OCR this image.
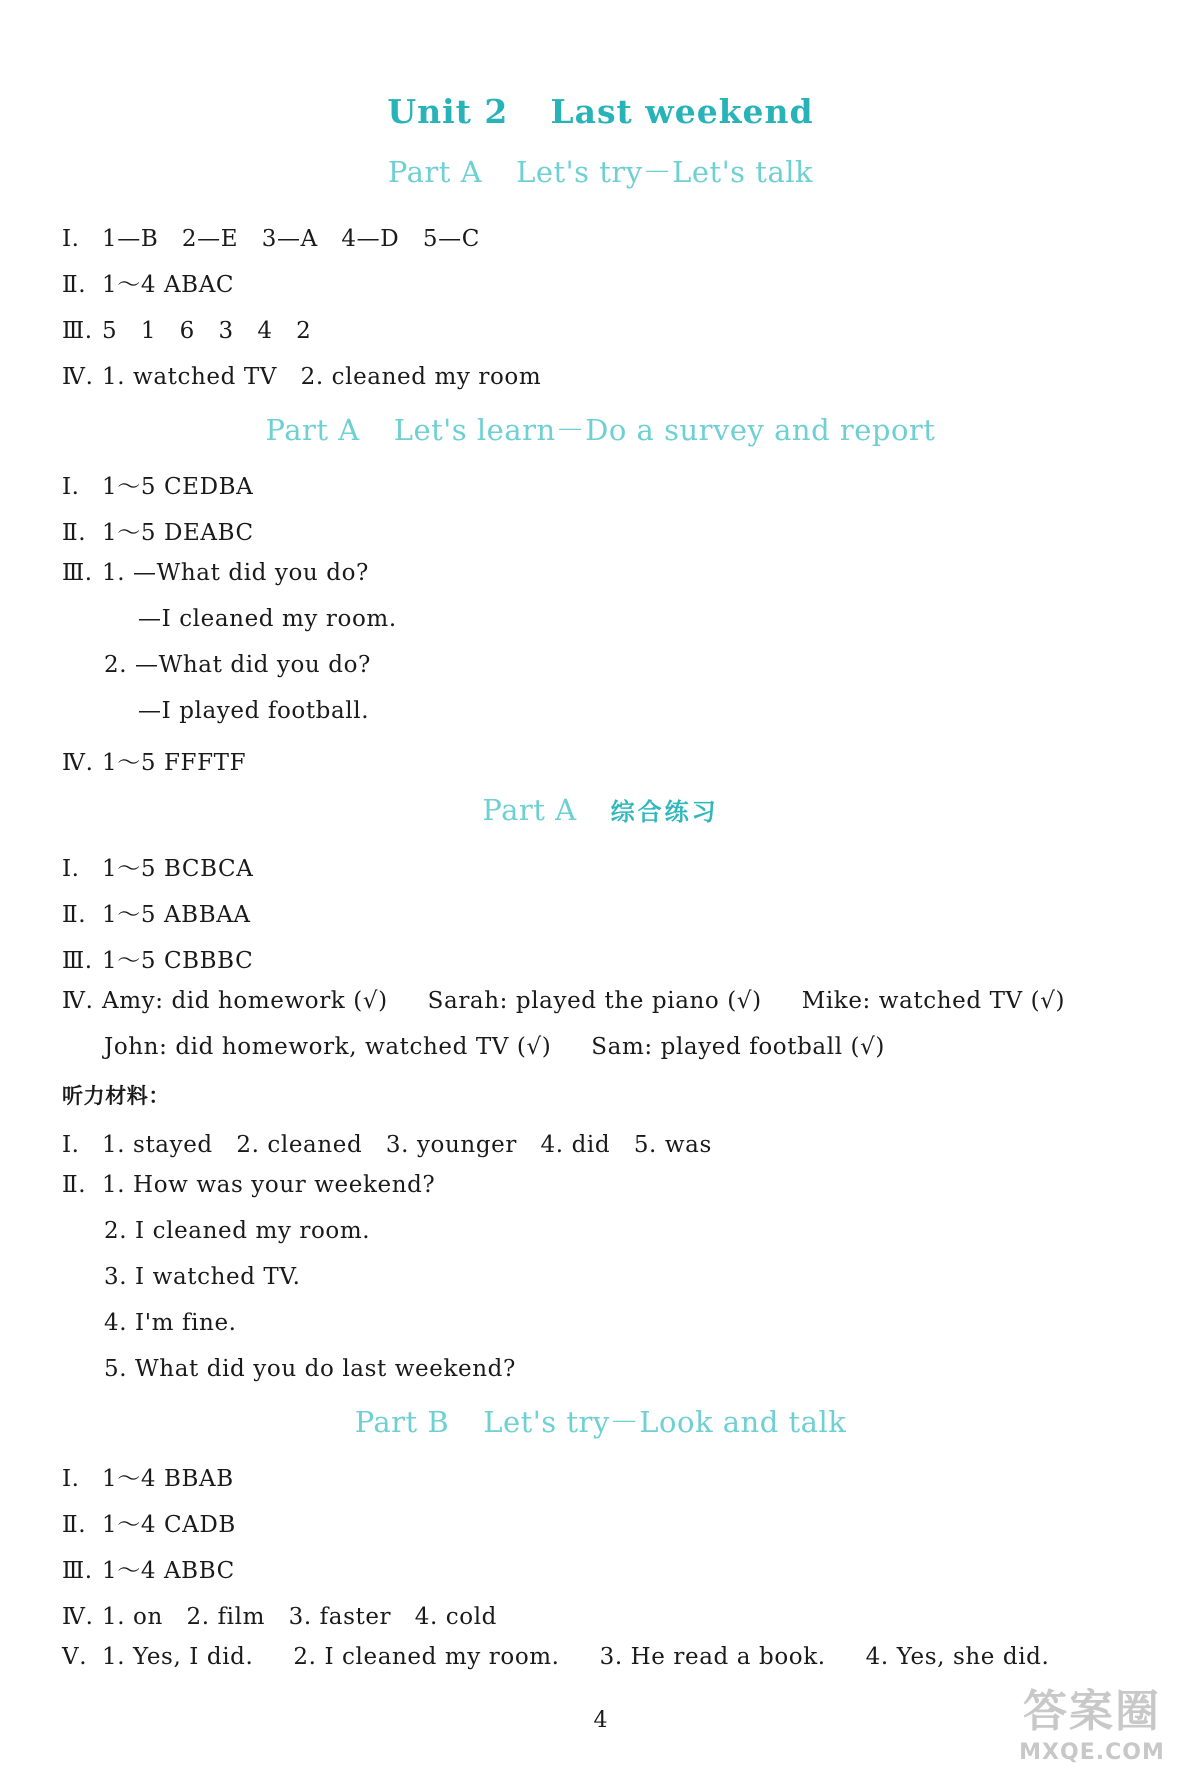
Unit 2 Last weekend
Part A Let's try－Let's talk
Ⅰ. 1—B　2—E　3—A　4—D　5—C
Ⅱ. 1～4 ABAC
Ⅲ. 5　1　6　3　4　2
Ⅳ. 1. watched TV　2. cleaned my room
Part A Let's learn－Do a survey and report
Ⅰ. 1～5 CEDBA
Ⅱ. 1～5 DEABC
Ⅲ. 1. —What did you do?
—I cleaned my room.
2. —What did you do?
—I played football.
Ⅳ. 1～5 FFFTF
Part A 综合练习
Ⅰ. 1～5 BCBCA
Ⅱ. 1～5 ABBAA
Ⅲ. 1～5 CBBBC
Ⅳ. Amy: did homework (√) Sarah: played the piano (√) Mike: watched TV (√)
John: did homework, watched TV (√) Sam: played football (√)
听力材料：
Ⅰ. 1. stayed　2. cleaned　3. younger　4. did　5. was
Ⅱ. 1. How was your weekend?
2. I cleaned my room.
3. I watched TV.
4. I'm fine.
5. What did you do last weekend?
Part B Let's try－Look and talk
Ⅰ. 1～4 BBAB
Ⅱ. 1～4 CADB
Ⅲ. 1～4 ABBC
Ⅳ. 1. on　2. film　3. faster　4. cold
Ⅴ. 1. Yes, I did. 2. I cleaned my room. 3. He read a book. 4. Yes, she did.
4	答案圈
MXQE.COM
